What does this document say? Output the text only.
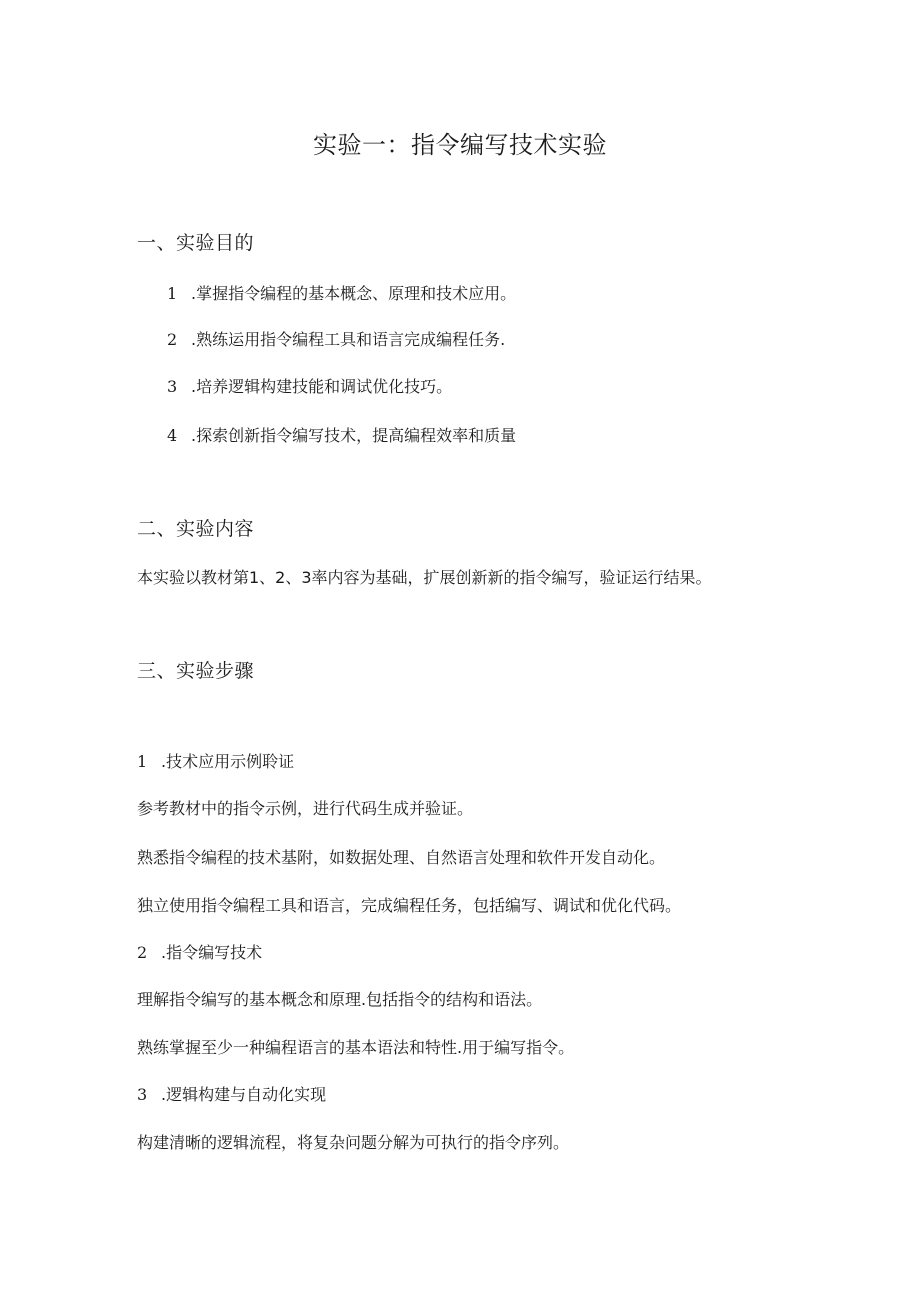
实验一：指令编写技术实验
一、实验目的
1 .掌握指令编程的基本概念、原理和技术应用。
2 .熟练运用指令编程工具和语言完成编程任务.
3 .培养逻辑构建技能和调试优化技巧。
4 .探索创新指令编写技术，提高编程效率和质量
二、实验内容
本实验以教材第1、2、3率内容为基础，扩展创新新的指令编写，验证运行结果。
三、实验步骤
1 .技术应用示例聆证
参考教材中的指令示例，进行代码生成并验证。
熟悉指令编程的技术基附，如数据处理、自然语言处理和软件开发自动化。
独立使用指令编程工具和语言，完成编程任务，包括编写、调试和优化代码。
2 .指令编写技术
理解指令编写的基本概念和原理.包括指令的结构和语法。
熟练掌握至少一种编程语言的基本语法和特性.用于编写指令。
3 .逻辑构建与自动化实现
构建清晰的逻辑流程，将复杂问题分解为可执行的指令序列。
